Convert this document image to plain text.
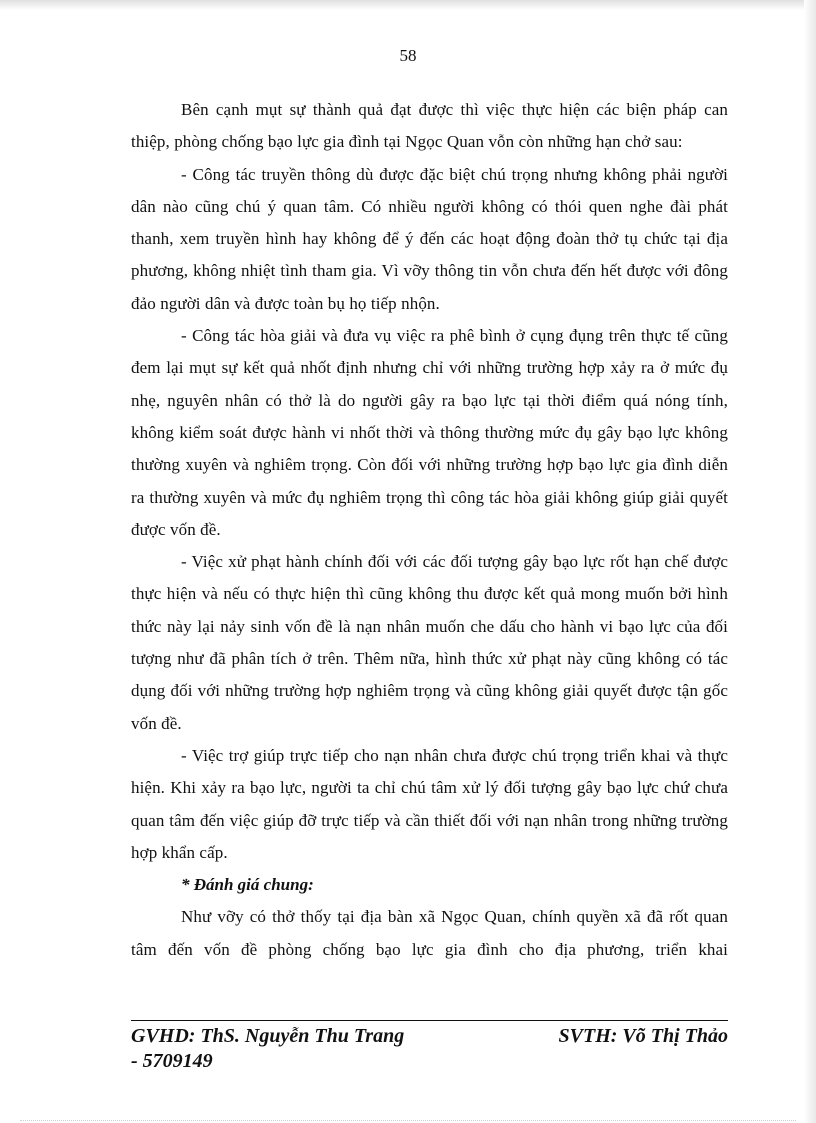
58

Bên cạnh mụt sự thành quả đạt được thì việc thực hiện các biện pháp can thiệp, phòng chống bạo lực gia đình tại Ngọc Quan vỗn còn những hạn chở sau:

- Công tác truyền thông dù được đặc biệt chú trọng nhưng không phải người dân nào cũng chú ý quan tâm. Có nhiều người không có thói quen nghe đài phát thanh, xem truyền hình hay không để ý đến các hoạt động đoàn thở tụ chức tại địa phương, không nhiệt tình tham gia. Vì vỡy thông tin vỗn chưa đến hết được với đông đảo người dân và được toàn bụ họ tiếp nhộn.

- Công tác hòa giải và đưa vụ việc ra phê bình ở cụng đụng trên thực tế cũng đem lại mụt sự kết quả nhốt định nhưng chỉ với những trường hợp xảy ra ở mức đụ nhẹ, nguyên nhân có thở là do người gây ra bạo lực tại thời điểm quá nóng tính, không kiểm soát được hành vi nhốt thời và thông thường mức đụ gây bạo lực không thường xuyên và nghiêm trọng. Còn đối với những trường hợp bạo lực gia đình diễn ra thường xuyên và mức đụ nghiêm trọng thì công tác hòa giải không giúp giải quyết được vốn đề.

- Việc xử phạt hành chính đối với các đối tượng gây bạo lực rốt hạn chế được thực hiện và nếu có thực hiện thì cũng không thu được kết quả mong muốn bởi hình thức này lại nảy sinh vốn đề là nạn nhân muốn che dấu cho hành vi bạo lực của đối tượng như đã phân tích ở trên. Thêm nữa, hình thức xử phạt này cũng không có tác dụng đối với những trường hợp nghiêm trọng và cũng không giải quyết được tận gốc vốn đề.

- Việc trợ giúp trực tiếp cho nạn nhân chưa được chú trọng triển khai và thực hiện. Khi xảy ra bạo lực, người ta chỉ chú tâm xử lý đối tượng gây bạo lực chứ chưa quan tâm đến việc giúp đỡ trực tiếp và cần thiết đối với nạn nhân trong những trường hợp khẩn cấp.

* Đánh giá chung:

Như vỡy có thở thốy tại địa bàn xã Ngọc Quan, chính quyền xã đã rốt quan tâm đến vốn đề phòng chống bạo lực gia đình cho địa phương, triển khai

GVHD: ThS. Nguyễn Thu Trang	SVTH: Võ Thị Thảo
- 5709149
